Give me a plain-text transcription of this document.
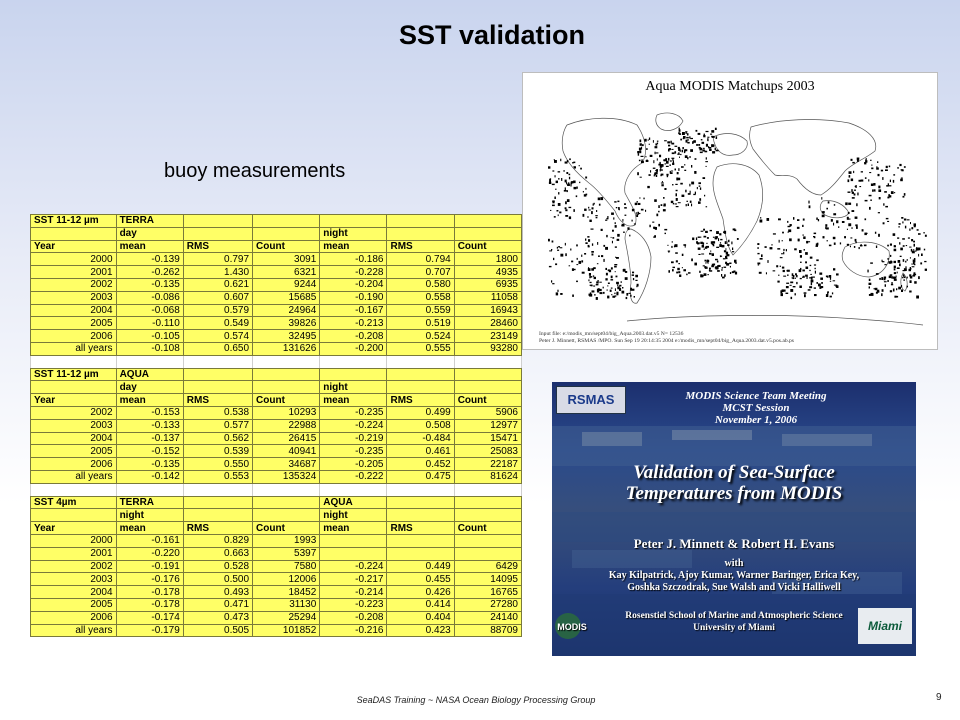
SST validation
buoy measurements
SST 11-12 µm	TERRA					
	day			night		
Year	mean	RMS	Count	mean	RMS	Count
2000	-0.139	0.797	3091	-0.186	0.794	1800
2001	-0.262	1.430	6321	-0.228	0.707	4935
2002	-0.135	0.621	9244	-0.204	0.580	6935
2003	-0.086	0.607	15685	-0.190	0.558	11058
2004	-0.068	0.579	24964	-0.167	0.559	16943
2005	-0.110	0.549	39826	-0.213	0.519	28460
2006	-0.105	0.574	32495	-0.208	0.524	23149
all years	-0.108	0.650	131626	-0.200	0.555	93280

SST 11-12 µm	AQUA					
	day			night		
Year	mean	RMS	Count	mean	RMS	Count
2002	-0.153	0.538	10293	-0.235	0.499	5906
2003	-0.133	0.577	22988	-0.224	0.508	12977
2004	-0.137	0.562	26415	-0.219	-0.484	15471
2005	-0.152	0.539	40941	-0.235	0.461	25083
2006	-0.135	0.550	34687	-0.205	0.452	22187
all years	-0.142	0.553	135324	-0.222	0.475	81624

SST 4µm	TERRA			AQUA		
	night			night		
Year	mean	RMS	Count	mean	RMS	Count
2000	-0.161	0.829	1993			
2001	-0.220	0.663	5397			
2002	-0.191	0.528	7580	-0.224	0.449	6429
2003	-0.176	0.500	12006	-0.217	0.455	14095
2004	-0.178	0.493	18452	-0.214	0.426	16765
2005	-0.178	0.471	31130	-0.223	0.414	27280
2006	-0.174	0.473	25294	-0.208	0.404	24140
all years	-0.179	0.505	101852	-0.216	0.423	88709
Aqua MODIS Matchups 2003
Input file: e:/modis_mn/sept04/big_Aqua.2003.dat.v5 N= 12536
Peter J. Minnett, RSMAS /MPO. Sun Sep 19 20:14:35 2004 e:/modis_mn/sept04/big_Aqua.2003.dat.v5.pos.ab.ps
RSMAS	MODIS Science Team Meeting
MCST Session
November 1, 2006
Validation of Sea-Surface
Temperatures from MODIS
Peter J. Minnett & Robert H. Evans
with
Kay Kilpatrick, Ajoy Kumar, Warner Baringer, Erica Key,
Goshka Szczodrak, Sue Walsh and Vicki Halliwell
Rosenstiel School of Marine and Atmospheric Science
University of Miami
MODIS	Miami
SeaDAS Training ~ NASA Ocean Biology Processing Group	9
